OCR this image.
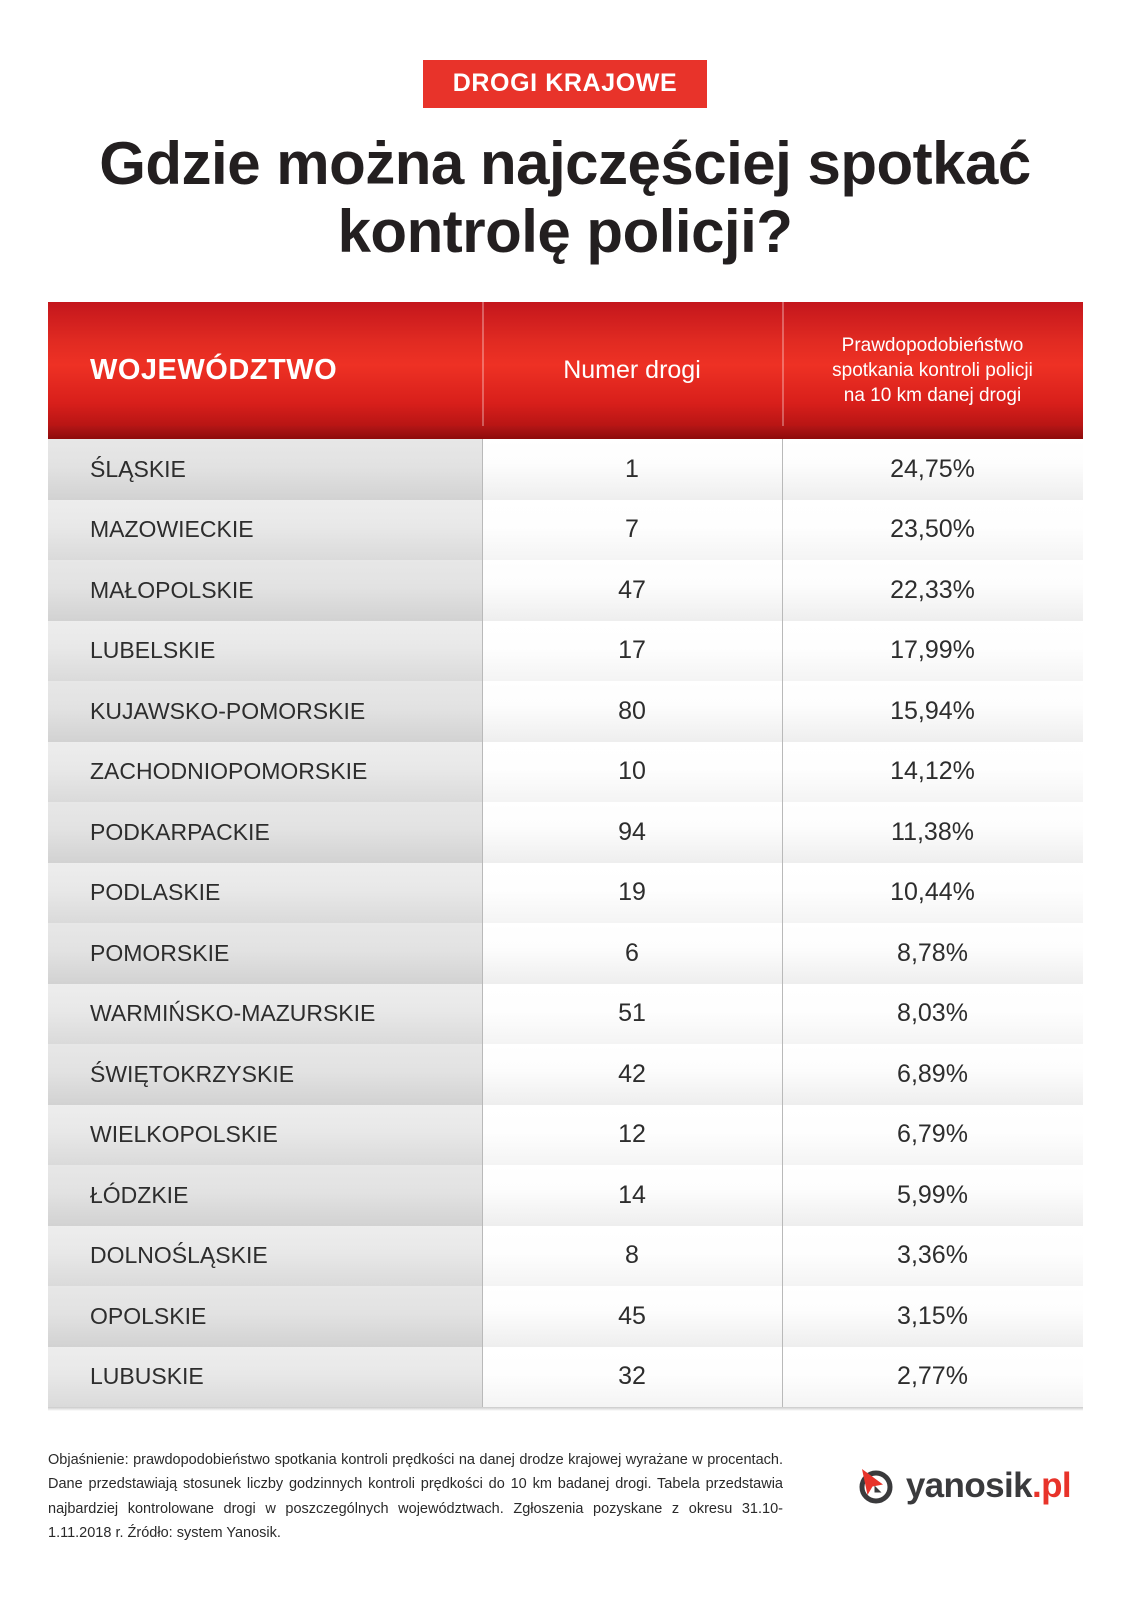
DROGI KRAJOWE
Gdzie można najczęściej spotkać
kontrolę policji?
WOJEWÓDZTWO	Numer drogi
Prawdopodobieństwo
spotkania kontroli policji
na 10 km danej drogi
ŚLĄSKIE	1	24,75%
MAZOWIECKIE	7	23,50%
MAŁOPOLSKIE	47	22,33%
LUBELSKIE	17	17,99%
KUJAWSKO-POMORSKIE	80	15,94%
ZACHODNIOPOMORSKIE	10	14,12%
PODKARPACKIE	94	11,38%
PODLASKIE	19	10,44%
POMORSKIE	6	8,78%
WARMIŃSKO-MAZURSKIE	51	8,03%
ŚWIĘTOKRZYSKIE	42	6,89%
WIELKOPOLSKIE	12	6,79%
ŁÓDZKIE	14	5,99%
DOLNOŚLĄSKIE	8	3,36%
OPOLSKIE	45	3,15%
LUBUSKIE	32	2,77%

Objaśnienie: prawdopodobieństwo spotkania kontroli prędkości na danej drodze krajowej wyrażane w procentach. Dane przedstawiają stosunek liczby godzinnych kontroli prędkości do 10 km badanej drogi. Tabela przedstawia najbardziej kontrolowane drogi w poszczególnych województwach. Zgłoszenia pozyskane z okresu 31.10-1.11.2018 r. Źródło: system Yanosik.

yanosik.pl
